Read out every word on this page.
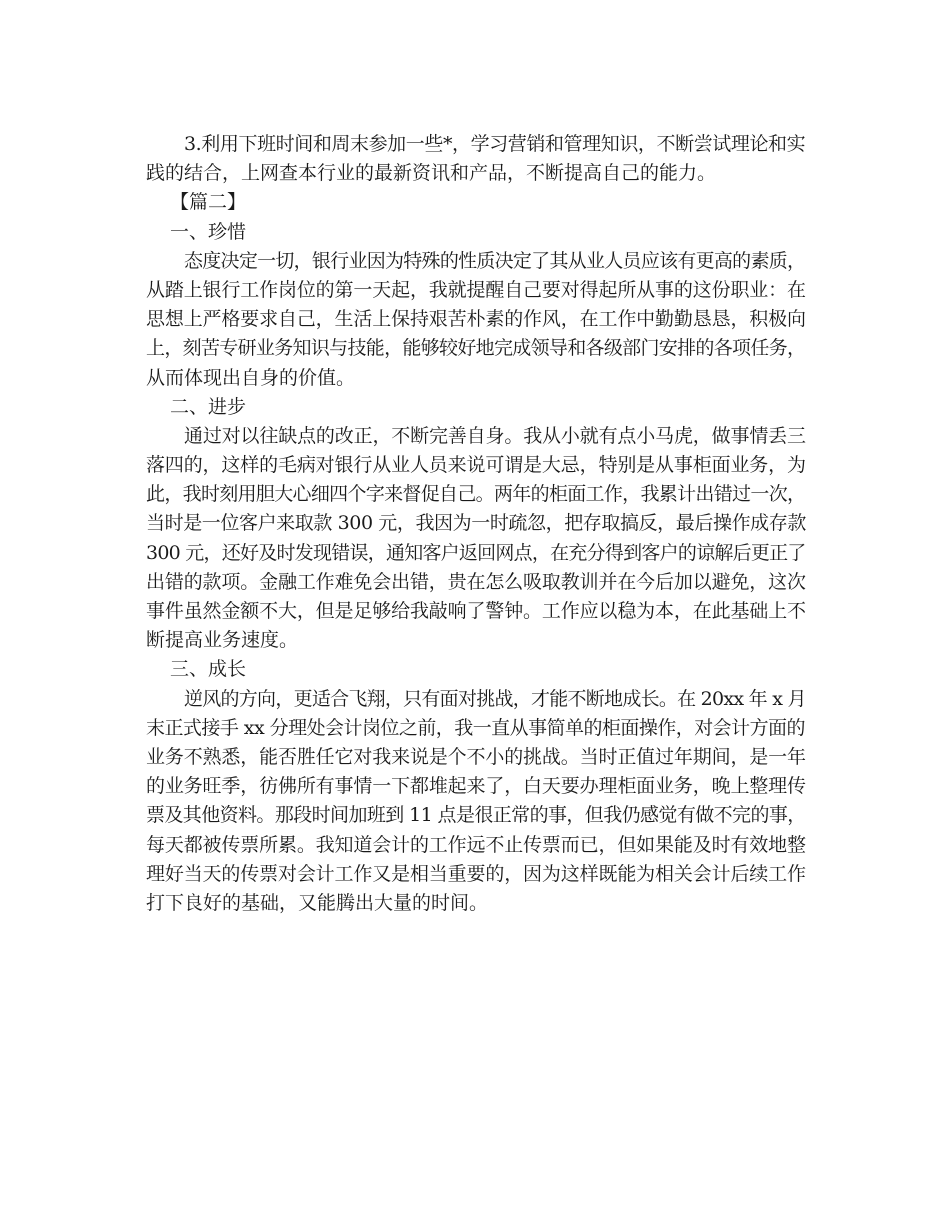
3.利用下班时间和周末参加一些*，学习营销和管理知识，不断尝试理论和实
践的结合，上网查本行业的最新资讯和产品，不断提高自己的能力。
【篇二】
一、珍惜
态度决定一切，银行业因为特殊的性质决定了其从业人员应该有更高的素质，
从踏上银行工作岗位的第一天起，我就提醒自己要对得起所从事的这份职业：在
思想上严格要求自己，生活上保持艰苦朴素的作风，在工作中勤勤恳恳，积极向
上，刻苦专研业务知识与技能，能够较好地完成领导和各级部门安排的各项任务，
从而体现出自身的价值。
二、进步
通过对以往缺点的改正，不断完善自身。我从小就有点小马虎，做事情丢三
落四的，这样的毛病对银行从业人员来说可谓是大忌，特别是从事柜面业务，为
此，我时刻用胆大心细四个字来督促自己。两年的柜面工作，我累计出错过一次，
当时是一位客户来取款 300 元，我因为一时疏忽，把存取搞反，最后操作成存款
300 元，还好及时发现错误，通知客户返回网点，在充分得到客户的谅解后更正了
出错的款项。金融工作难免会出错，贵在怎么吸取教训并在今后加以避免，这次
事件虽然金额不大，但是足够给我敲响了警钟。工作应以稳为本，在此基础上不
断提高业务速度。
三、成长
逆风的方向，更适合飞翔，只有面对挑战，才能不断地成长。在 20xx 年 x 月
末正式接手 xx 分理处会计岗位之前，我一直从事简单的柜面操作，对会计方面的
业务不熟悉，能否胜任它对我来说是个不小的挑战。当时正值过年期间，是一年
的业务旺季，彷佛所有事情一下都堆起来了，白天要办理柜面业务，晚上整理传
票及其他资料。那段时间加班到 11 点是很正常的事，但我仍感觉有做不完的事，
每天都被传票所累。我知道会计的工作远不止传票而已，但如果能及时有效地整
理好当天的传票对会计工作又是相当重要的，因为这样既能为相关会计后续工作
打下良好的基础，又能腾出大量的时间。
